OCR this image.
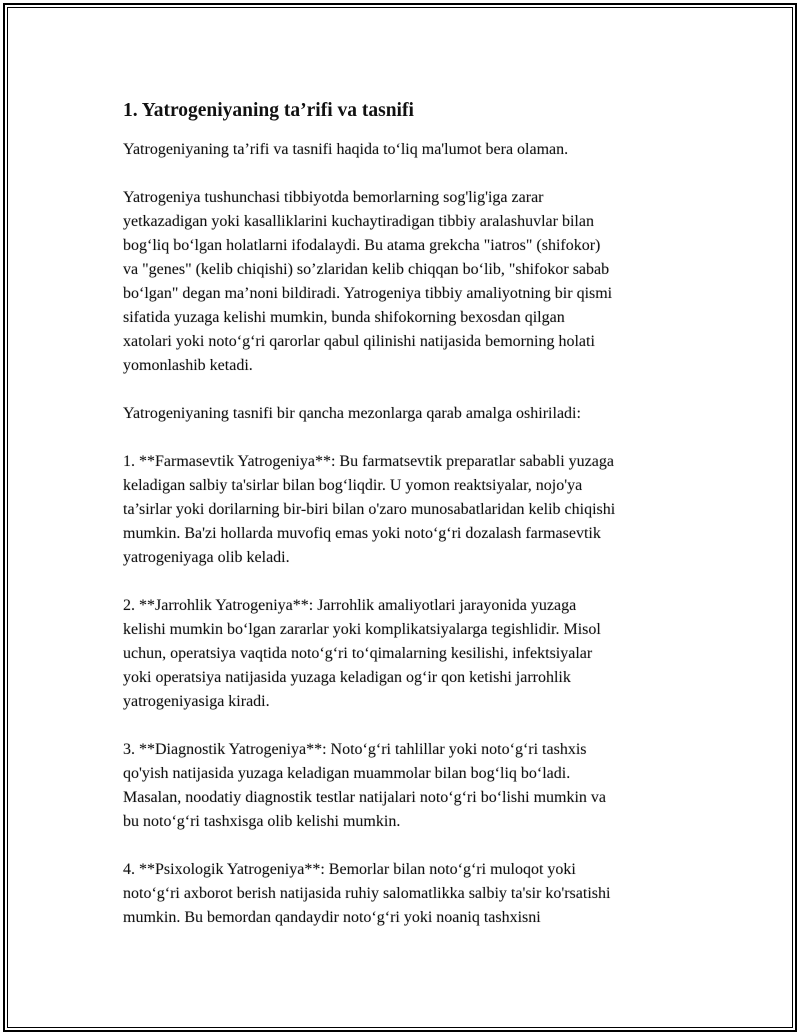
1. Yatrogeniyaning ta’rifi va tasnifi

Yatrogeniyaning ta’rifi va tasnifi haqida to‘liq ma'lumot bera olaman.

Yatrogeniya tushunchasi tibbiyotda bemorlarning sog'lig'iga zarar
yetkazadigan yoki kasalliklarini kuchaytiradigan tibbiy aralashuvlar bilan
bog‘liq bo‘lgan holatlarni ifodalaydi. Bu atama grekcha "iatros" (shifokor)
va "genes" (kelib chiqishi) so’zlaridan kelib chiqqan bo‘lib, "shifokor sabab
bo‘lgan" degan ma’noni bildiradi. Yatrogeniya tibbiy amaliyotning bir qismi
sifatida yuzaga kelishi mumkin, bunda shifokorning bexosdan qilgan
xatolari yoki noto‘g‘ri qarorlar qabul qilinishi natijasida bemorning holati
yomonlashib ketadi.

Yatrogeniyaning tasnifi bir qancha mezonlarga qarab amalga oshiriladi:

1. **Farmasevtik Yatrogeniya**: Bu farmatsevtik preparatlar sababli yuzaga
keladigan salbiy ta'sirlar bilan bog‘liqdir. U yomon reaktsiyalar, nojo'ya
ta’sirlar yoki dorilarning bir-biri bilan o'zaro munosabatlaridan kelib chiqishi
mumkin. Ba'zi hollarda muvofiq emas yoki noto‘g‘ri dozalash farmasevtik
yatrogeniyaga olib keladi.

2. **Jarrohlik Yatrogeniya**: Jarrohlik amaliyotlari jarayonida yuzaga
kelishi mumkin bo‘lgan zararlar yoki komplikatsiyalarga tegishlidir. Misol
uchun, operatsiya vaqtida noto‘g‘ri to‘qimalarning kesilishi, infektsiyalar
yoki operatsiya natijasida yuzaga keladigan og‘ir qon ketishi jarrohlik
yatrogeniyasiga kiradi.

3. **Diagnostik Yatrogeniya**: Noto‘g‘ri tahlillar yoki noto‘g‘ri tashxis
qo'yish natijasida yuzaga keladigan muammolar bilan bog‘liq bo‘ladi.
Masalan, noodatiy diagnostik testlar natijalari noto‘g‘ri bo‘lishi mumkin va
bu noto‘g‘ri tashxisga olib kelishi mumkin.

4. **Psixologik Yatrogeniya**: Bemorlar bilan noto‘g‘ri muloqot yoki
noto‘g‘ri axborot berish natijasida ruhiy salomatlikka salbiy ta'sir ko'rsatishi
mumkin. Bu bemordan qandaydir noto‘g‘ri yoki noaniq tashxisni
